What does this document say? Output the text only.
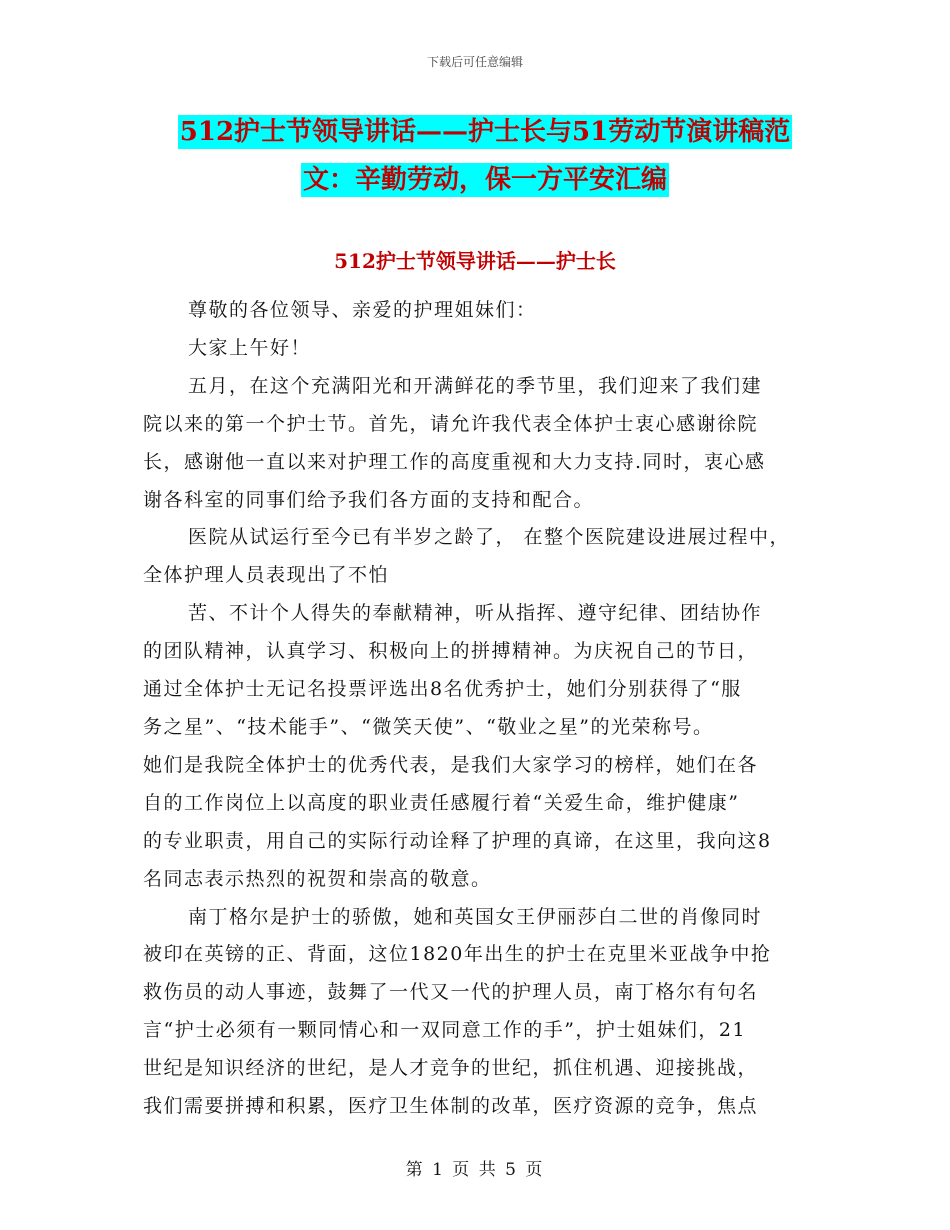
下载后可任意编辑
512护士节领导讲话——护士长与51劳动节演讲稿范
文：辛勤劳动，保一方平安汇编
512护士节领导讲话——护士长
尊敬的各位领导、亲爱的护理姐妹们：
大家上午好！
五月，在这个充满阳光和开满鲜花的季节里，我们迎来了我们建
院以来的第一个护士节。首先，请允许我代表全体护士衷心感谢徐院
长，感谢他一直以来对护理工作的高度重视和大力支持.同时，衷心感
谢各科室的同事们给予我们各方面的支持和配合。
医院从试运行至今已有半岁之龄了， 在整个医院建设进展过程中，
全体护理人员表现出了不怕
苦、不计个人得失的奉献精神，听从指挥、遵守纪律、团结协作
的团队精神，认真学习、积极向上的拼搏精神。为庆祝自己的节日，
通过全体护士无记名投票评选出8名优秀护士，她们分别获得了“服
务之星”、“技术能手”、“微笑天使”、“敬业之星”的光荣称号。
她们是我院全体护士的优秀代表，是我们大家学习的榜样，她们在各
自的工作岗位上以高度的职业责任感履行着“关爱生命，维护健康”
的专业职责，用自己的实际行动诠释了护理的真谛，在这里，我向这8
名同志表示热烈的祝贺和崇高的敬意。
南丁格尔是护士的骄傲，她和英国女王伊丽莎白二世的肖像同时
被印在英镑的正、背面，这位1820年出生的护士在克里米亚战争中抢
救伤员的动人事迹，鼓舞了一代又一代的护理人员，南丁格尔有句名
言“护士必须有一颗同情心和一双同意工作的手”，护士姐妹们，21
世纪是知识经济的世纪，是人才竞争的世纪，抓住机遇、迎接挑战，
我们需要拼搏和积累，医疗卫生体制的改革，医疗资源的竞争，焦点
第 1 页 共 5 页
